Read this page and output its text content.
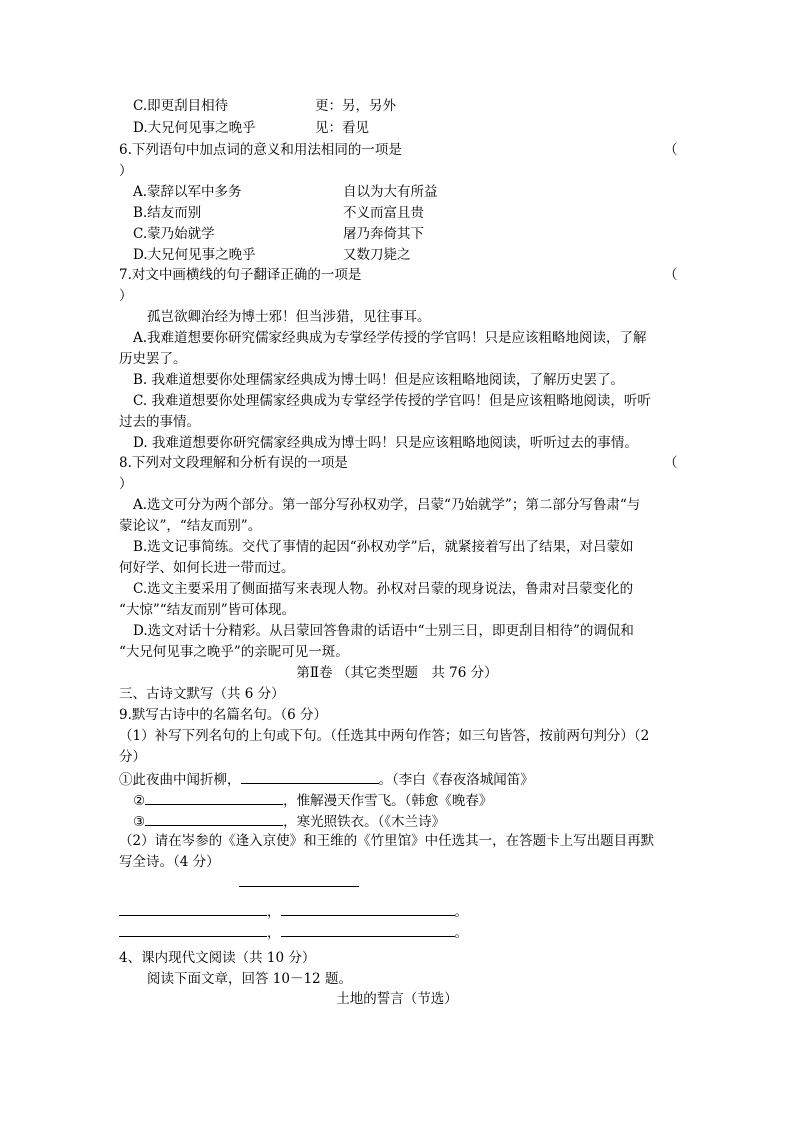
C.即更刮目相待	更：另，另外
D.大兄何见事之晚乎	见：看见
6.下列语句中加点词的意义和用法相同的一项是	（
）
A.蒙辞以军中多务	自以为大有所益
B.结友而别	不义而富且贵
C.蒙乃始就学	屠乃奔倚其下
D.大兄何见事之晚乎	又数刀毙之
7.对文中画横线的句子翻译正确的一项是	（
）
孤岂欲卿治经为博士邪！但当涉猎，见往事耳。
A.我难道想要你研究儒家经典成为专掌经学传授的学官吗！只是应该粗略地阅读，了解
历史罢了。
B. 我难道想要你处理儒家经典成为博士吗！但是应该粗略地阅读，了解历史罢了。
C. 我难道想要你处理儒家经典成为专掌经学传授的学官吗！但是应该粗略地阅读，听听
过去的事情。
D. 我难道想要你研究儒家经典成为博士吗！只是应该粗略地阅读，听听过去的事情。
8.下列对文段理解和分析有误的一项是	（
）
A.选文可分为两个部分。第一部分写孙权劝学，吕蒙“乃始就学”；第二部分写鲁肃“与
蒙论议”，“结友而别”。
B.选文记事简练。交代了事情的起因“孙权劝学”后，就紧接着写出了结果，对吕蒙如
何好学、如何长进一带而过。
C.选文主要采用了侧面描写来表现人物。孙权对吕蒙的现身说法，鲁肃对吕蒙变化的
“大惊”“结友而别”皆可体现。
D.选文对话十分精彩。从吕蒙回答鲁肃的话语中“士别三日，即更刮目相待”的调侃和
“大兄何见事之晚乎”的亲昵可见一斑。
第Ⅱ卷 （其它类型题　共 76 分）
三、古诗文默写（共 6 分）
9.默写古诗中的名篇名句。（6 分）
（1）补写下列名句的上句或下句。（任选其中两句作答；如三句皆答，按前两句判分）（2
分）
①此夜曲中闻折柳，	。（李白《春夜洛城闻笛》
②	，惟解漫天作雪飞。（韩愈《晚春》
③	，寒光照铁衣。（《木兰诗》
（2）请在岑参的《逢入京使》和王维的《竹里馆》中任选其一，在答题卡上写出题目再默
写全诗。（4 分）
，	。
，	。
4、课内现代文阅读（共 10 分）
阅读下面文章，回答 10－12 题。
土地的誓言（节选）
